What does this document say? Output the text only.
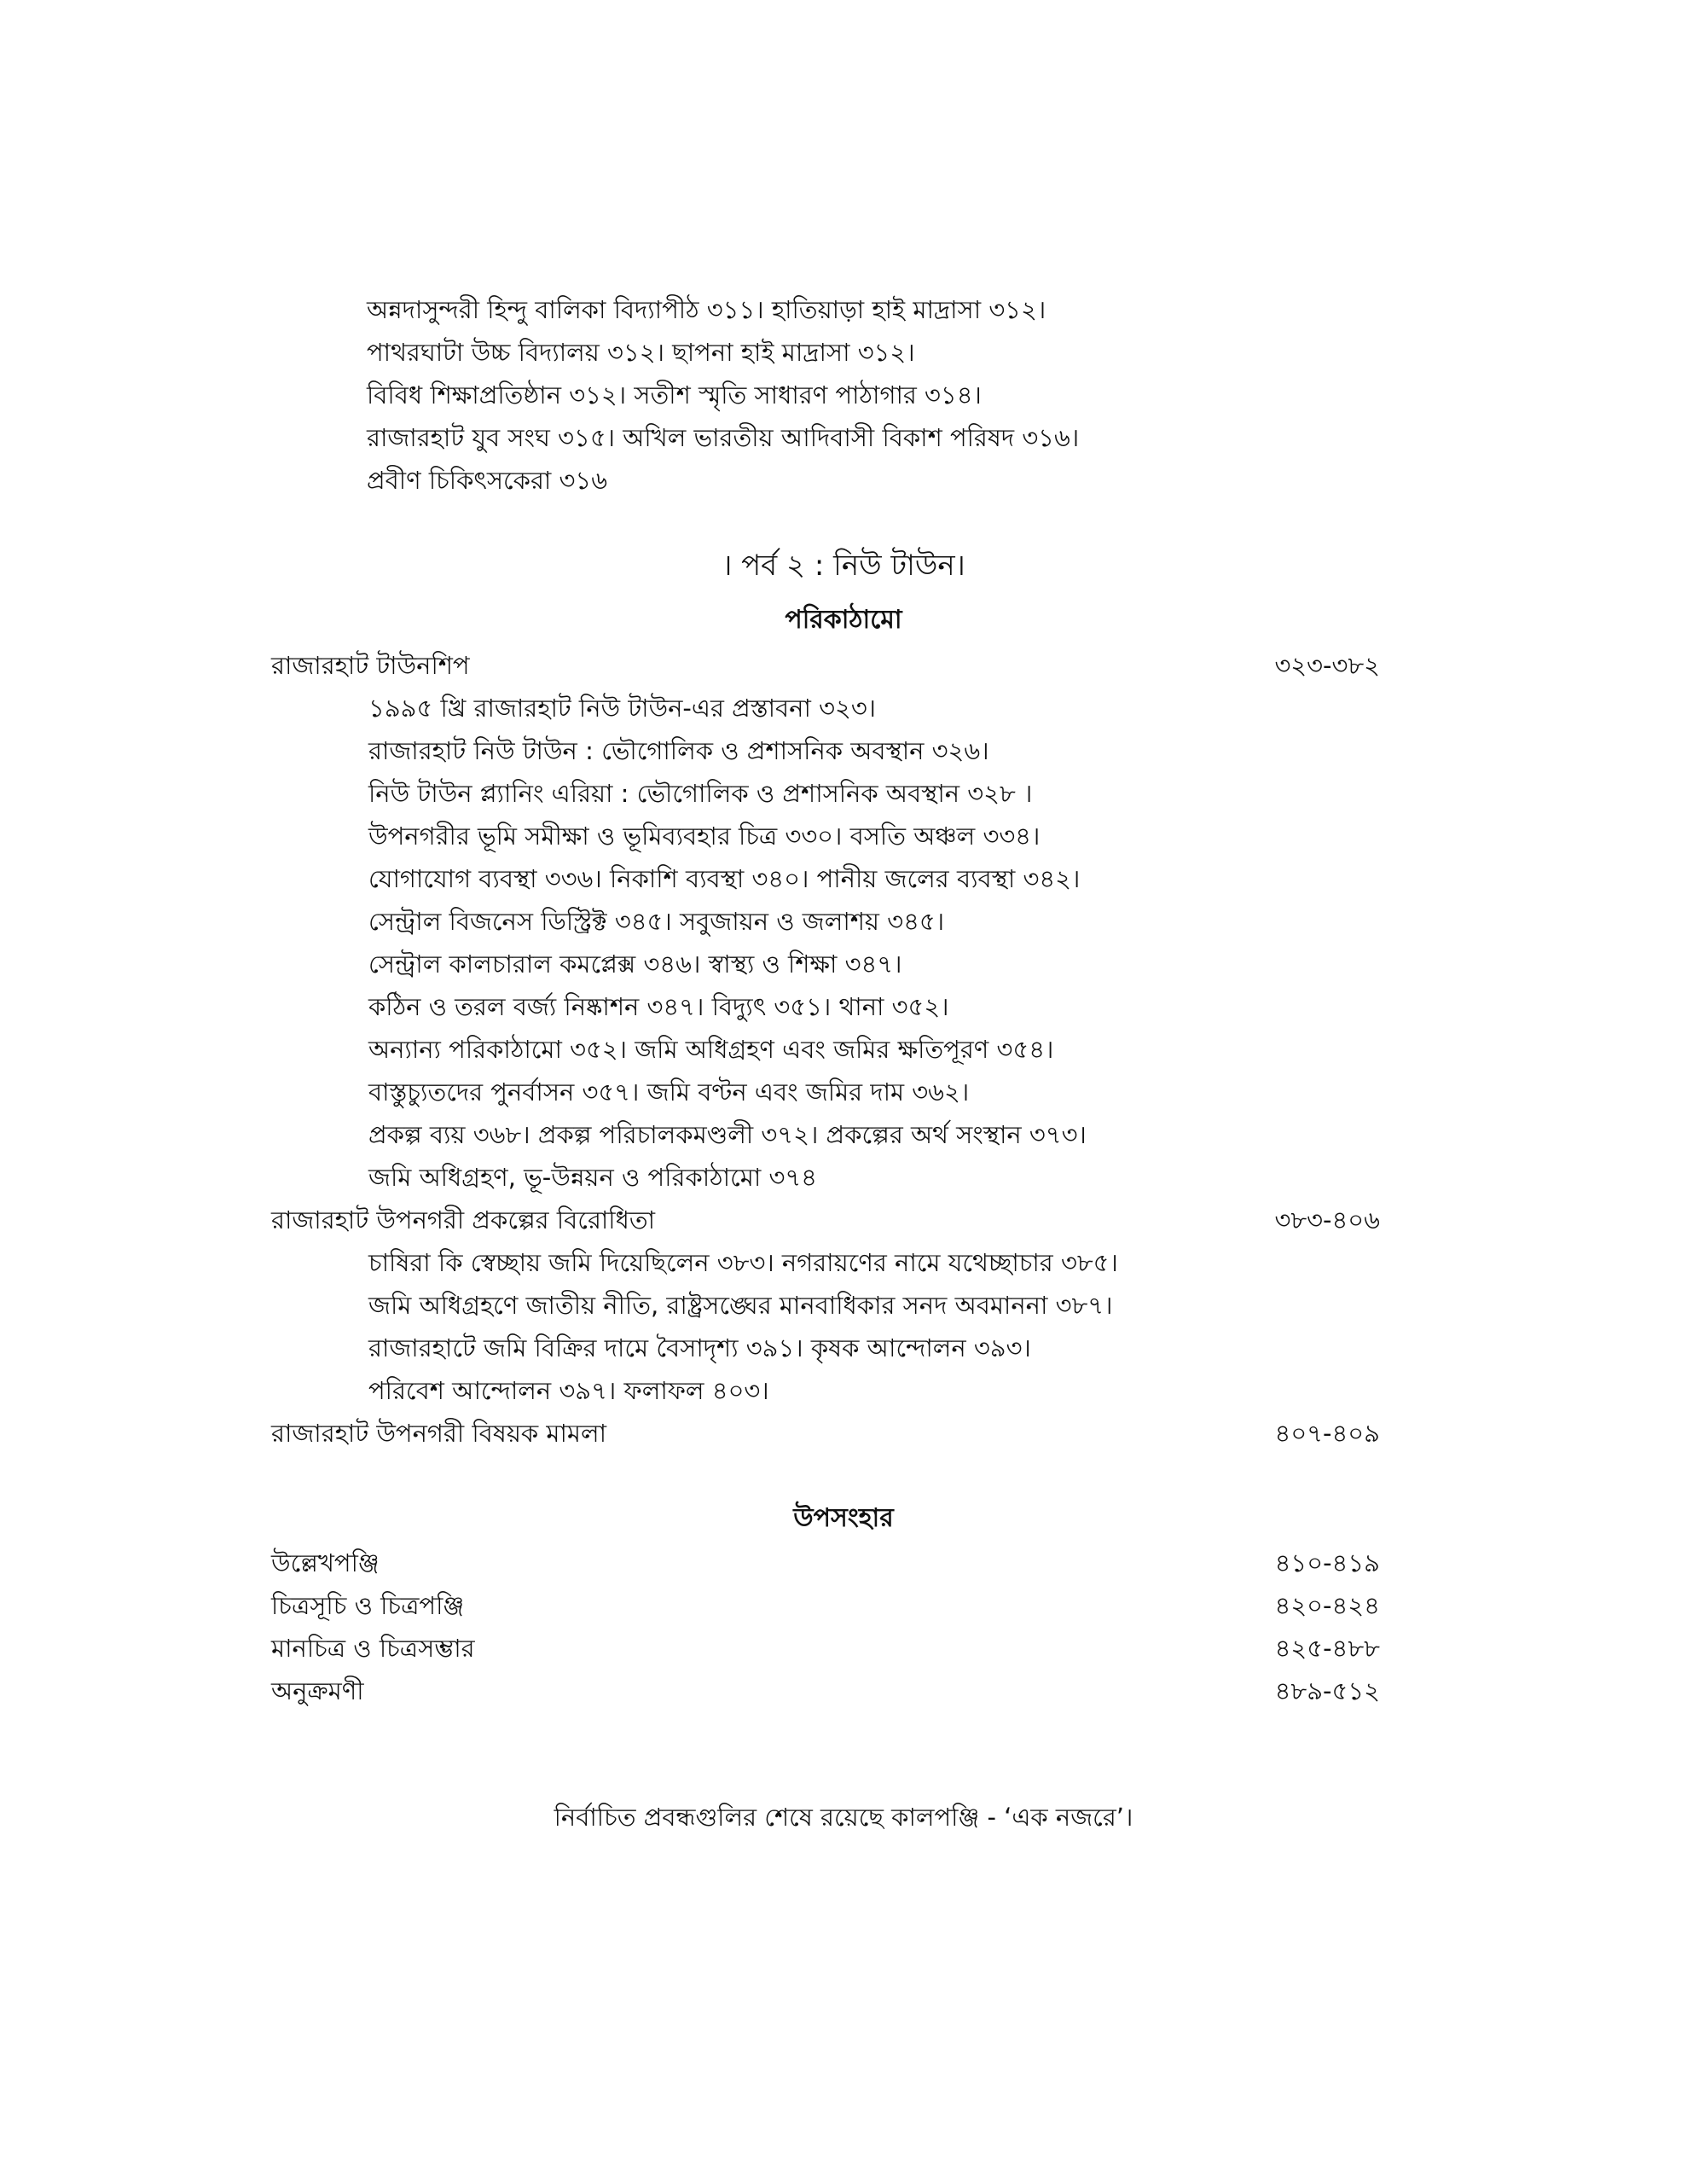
অন্নদাসুন্দরী হিন্দু বালিকা বিদ্যাপীঠ ৩১১। হাতিয়াড়া হাই মাদ্রাসা ৩১২।
পাথরঘাটা উচ্চ বিদ্যালয় ৩১২। ছাপনা হাই মাদ্রাসা ৩১২।
বিবিধ শিক্ষাপ্রতিষ্ঠান ৩১২। সতীশ স্মৃতি সাধারণ পাঠাগার ৩১৪।
রাজারহাট যুব সংঘ ৩১৫। অখিল ভারতীয় আদিবাসী বিকাশ পরিষদ ৩১৬।
প্রবীণ চিকিৎসকেরা ৩১৬
। পর্ব ২ : নিউ টাউন।
পরিকাঠামো
রাজারহাট টাউনশিপ	৩২৩-৩৮২
১৯৯৫ খ্রি রাজারহাট নিউ টাউন-এর প্রস্তাবনা ৩২৩।
রাজারহাট নিউ টাউন : ভৌগোলিক ও প্রশাসনিক অবস্থান ৩২৬।
নিউ টাউন প্ল্যানিং এরিয়া : ভৌগোলিক ও প্রশাসনিক অবস্থান ৩২৮ ।
উপনগরীর ভূমি সমীক্ষা ও ভূমিব্যবহার চিত্র ৩৩০। বসতি অঞ্চল ৩৩৪।
যোগাযোগ ব্যবস্থা ৩৩৬। নিকাশি ব্যবস্থা ৩৪০। পানীয় জলের ব্যবস্থা ৩৪২।
সেন্ট্রাল বিজনেস ডিস্ট্রিক্ট ৩৪৫। সবুজায়ন ও জলাশয় ৩৪৫।
সেন্ট্রাল কালচারাল কমপ্লেক্স ৩৪৬। স্বাস্থ্য ও শিক্ষা ৩৪৭।
কঠিন ও তরল বর্জ্য নিষ্কাশন ৩৪৭। বিদ্যুৎ ৩৫১। থানা ৩৫২।
অন্যান্য পরিকাঠামো ৩৫২। জমি অধিগ্রহণ এবং জমির ক্ষতিপূরণ ৩৫৪।
বাস্তুচ্যুতদের পুনর্বাসন ৩৫৭। জমি বণ্টন এবং জমির দাম ৩৬২।
প্রকল্প ব্যয় ৩৬৮। প্রকল্প পরিচালকমণ্ডলী ৩৭২। প্রকল্পের অর্থ সংস্থান ৩৭৩।
জমি অধিগ্রহণ, ভূ-উন্নয়ন ও পরিকাঠামো ৩৭৪
রাজারহাট উপনগরী প্রকল্পের বিরোধিতা	৩৮৩-৪০৬
চাষিরা কি স্বেচ্ছায় জমি দিয়েছিলেন ৩৮৩। নগরায়ণের নামে যথেচ্ছাচার ৩৮৫।
জমি অধিগ্রহণে জাতীয় নীতি, রাষ্ট্রসঙ্ঘের মানবাধিকার সনদ অবমাননা ৩৮৭।
রাজারহাটে জমি বিক্রির দামে বৈসাদৃশ্য ৩৯১। কৃষক আন্দোলন ৩৯৩।
পরিবেশ আন্দোলন ৩৯৭। ফলাফল ৪০৩।
রাজারহাট উপনগরী বিষয়ক মামলা	৪০৭-৪০৯
উপসংহার
উল্লেখপঞ্জি	৪১০-৪১৯
চিত্রসূচি ও চিত্রপঞ্জি	৪২০-৪২৪
মানচিত্র ও চিত্রসম্ভার	৪২৫-৪৮৮
অনুক্রমণী	৪৮৯-৫১২
নির্বাচিত প্রবন্ধগুলির শেষে রয়েছে কালপঞ্জি - ‘এক নজরে’।
